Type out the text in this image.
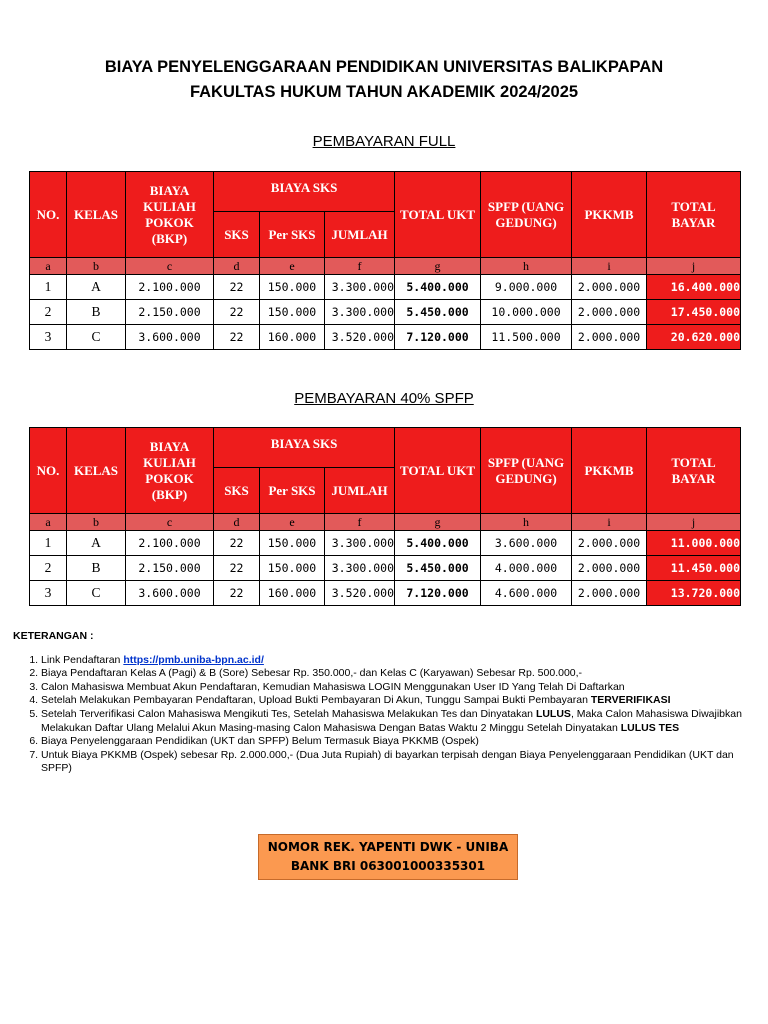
BIAYA PENYELENGGARAAN PENDIDIKAN UNIVERSITAS BALIKPAPAN
FAKULTAS HUKUM TAHUN AKADEMIK 2024/2025
PEMBAYARAN FULL
NO.	KELAS	BIAYA KULIAH POKOK (BKP)	BIAYA SKS			TOTAL UKT	SPFP (UANG GEDUNG)	PKKMB	TOTAL BAYAR
			SKS	Per SKS	JUMLAH				
a	b	c	d	e	f	g	h	i	j
1	A	2.100.000	22	150.000	3.300.000	5.400.000	9.000.000	2.000.000	16.400.000
2	B	2.150.000	22	150.000	3.300.000	5.450.000	10.000.000	2.000.000	17.450.000
3	C	3.600.000	22	160.000	3.520.000	7.120.000	11.500.000	2.000.000	20.620.000
PEMBAYARAN 40% SPFP
NO.	KELAS	BIAYA KULIAH POKOK (BKP)	BIAYA SKS			TOTAL UKT	SPFP (UANG GEDUNG)	PKKMB	TOTAL BAYAR
			SKS	Per SKS	JUMLAH				
a	b	c	d	e	f	g	h	i	j
1	A	2.100.000	22	150.000	3.300.000	5.400.000	3.600.000	2.000.000	11.000.000
2	B	2.150.000	22	150.000	3.300.000	5.450.000	4.000.000	2.000.000	11.450.000
3	C	3.600.000	22	160.000	3.520.000	7.120.000	4.600.000	2.000.000	13.720.000
KETERANGAN :
1. Link Pendaftaran https://pmb.uniba-bpn.ac.id/
2. Biaya Pendaftaran Kelas A (Pagi) & B (Sore) Sebesar Rp. 350.000,- dan Kelas C (Karyawan) Sebesar Rp. 500.000,-
3. Calon Mahasiswa Membuat Akun Pendaftaran, Kemudian Mahasiswa LOGIN Menggunakan User ID Yang Telah Di Daftarkan
4. Setelah Melakukan Pembayaran Pendaftaran, Upload Bukti Pembayaran Di Akun, Tunggu Sampai Bukti Pembayaran TERVERIFIKASI
5. Setelah Terverifikasi Calon Mahasiswa Mengikuti Tes, Setelah Mahasiswa Melakukan Tes dan Dinyatakan LULUS, Maka Calon Mahasiswa Diwajibkan Melakukan Daftar Ulang Melalui Akun Masing-masing Calon Mahasiswa Dengan Batas Waktu 2 Minggu Setelah Dinyatakan LULUS TES
6. Biaya Penyelenggaraan Pendidikan (UKT dan SPFP) Belum Termasuk Biaya PKKMB (Ospek)
7. Untuk Biaya PKKMB (Ospek) sebesar Rp. 2.000.000,- (Dua Juta Rupiah) di bayarkan terpisah dengan Biaya Penyelenggaraan Pendidikan (UKT dan SPFP)
NOMOR REK. YAPENTI DWK - UNIBA
BANK BRI 063001000335301
